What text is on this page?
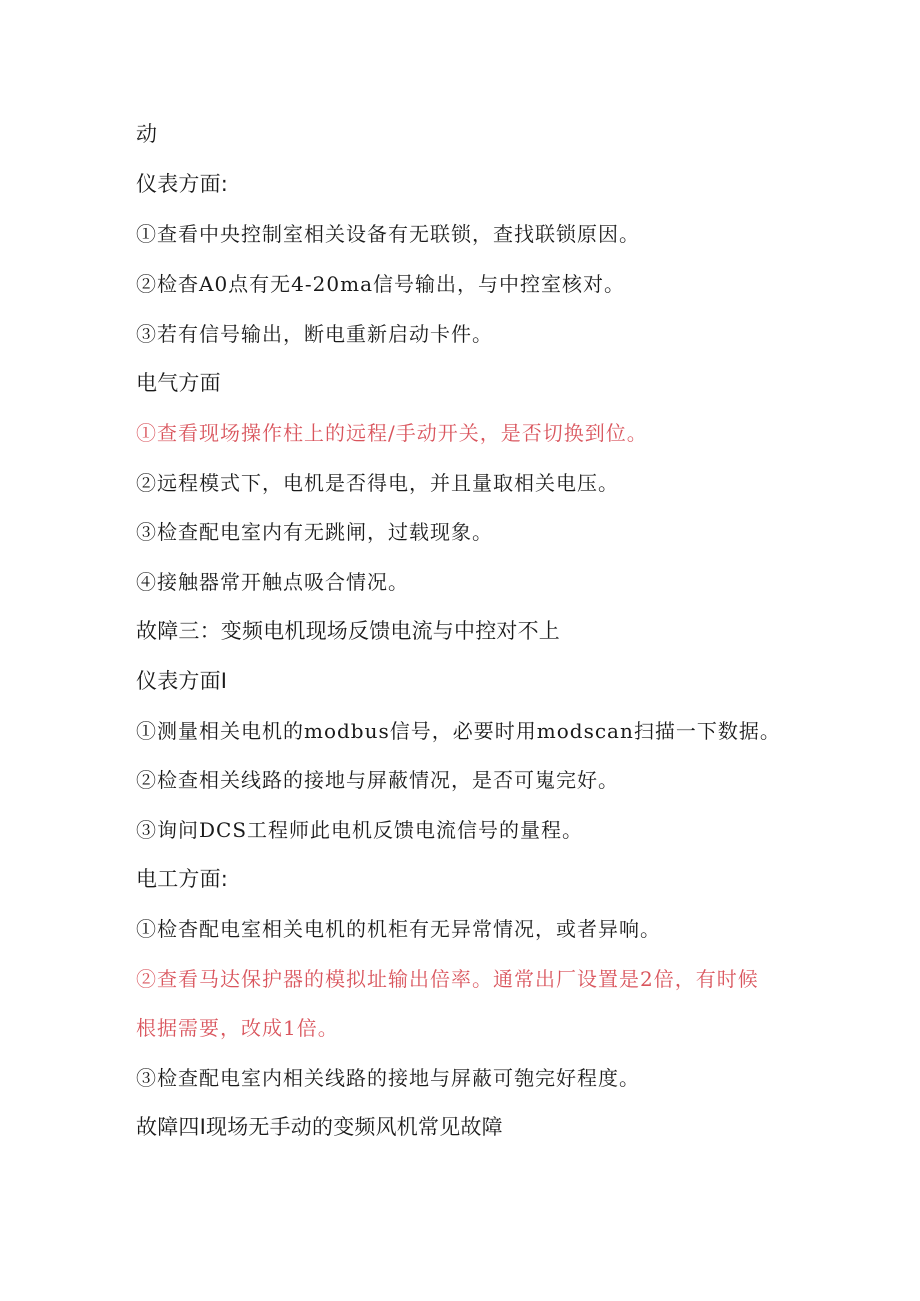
动
仪表方面:
①查看中央控制室相关设备有无联锁，查找联锁原因。
②检杳A0点有无4-20ma信号输出，与中控室核对。
③若有信号输出，断电重新启动卡件。
电气方面
①查看现场操作柱上的远程/手动开关，是否切换到位。
②远程模式下，电机是否得电，并且量取相关电压。
③检查配电室内有无跳闸，过载现象。
④接触器常开触点吸合情况。
故障三：变频电机现场反馈电流与中控对不上
仪表方面I
①测量相关电机的modbus信号，必要时用modscan扫描一下数据。
②检查相关线路的接地与屏蔽情况，是否可嵬完好。
③询问DCS工程师此电机反馈电流信号的量程。
电工方面:
①检杳配电室相关电机的机柜有无异常情况，或者异响。
②查看马达保护器的模拟址输出倍率。通常出厂设置是2倍，有时候
根据需要，改成1倍。
③检查配电室内相关线路的接地与屏蔽可匏完好程度。
故障四I现场无手动的变频风机常见故障
